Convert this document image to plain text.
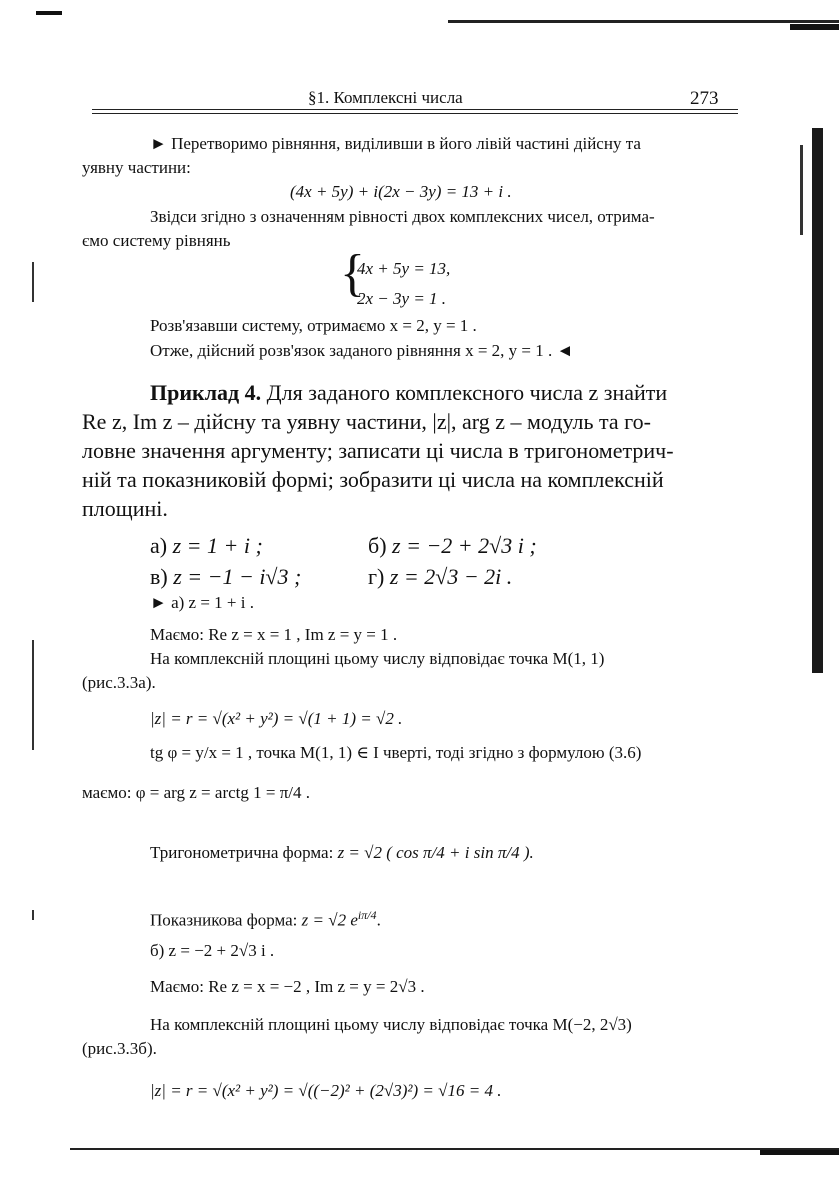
§1. Комплексні числа	273
► Перетворимо рівняння, виділивши в його лівій частині дійсну та
уявну частини:
(4x + 5y) + i(2x − 3y) = 13 + i .
Звідси згідно з означенням рівності двох комплексних чисел, отрима-
ємо систему рівнянь
{
4x + 5y = 13,
2x − 3y = 1 .
Розв'язавши систему, отримаємо x = 2, y = 1 .
Отже, дійсний розв'язок заданого рівняння x = 2, y = 1 . ◄
Приклад 4. Для заданого комплексного числа z знайти
Re z, Im z – дійсну та уявну частини, |z|, arg z – модуль та го-
ловне значення аргументу; записати ці числа в тригонометрич-
ній та показниковій формі; зобразити ці числа на комплексній
площині.
а) z = 1 + i ;	б) z = −2 + 2√3 i ;
в) z = −1 − i√3 ;	г) z = 2√3 − 2i .
► а) z = 1 + i .
Маємо: Re z = x = 1 , Im z = y = 1 .
На комплексній площині цьому числу відповідає точка M(1, 1)
(рис.3.3а).
|z| = r = √(x² + y²) = √(1 + 1) = √2 .
tg φ = y/x = 1 , точка M(1, 1) ∈ I чверті, тоді згідно з формулою (3.6)
маємо: φ = arg z = arctg 1 = π/4 .
Тригонометрична форма: z = √2 ( cos π/4 + i sin π/4 ).
Показникова форма: z = √2 $e^{i\pi/4}$.
б) z = −2 + 2√3 i .
Маємо: Re z = x = −2 , Im z = y = 2√3 .
На комплексній площині цьому числу відповідає точка M(−2, 2√3)
(рис.3.3б).
|z| = r = √(x² + y²) = √((−2)² + (2√3)²) = √16 = 4 .
